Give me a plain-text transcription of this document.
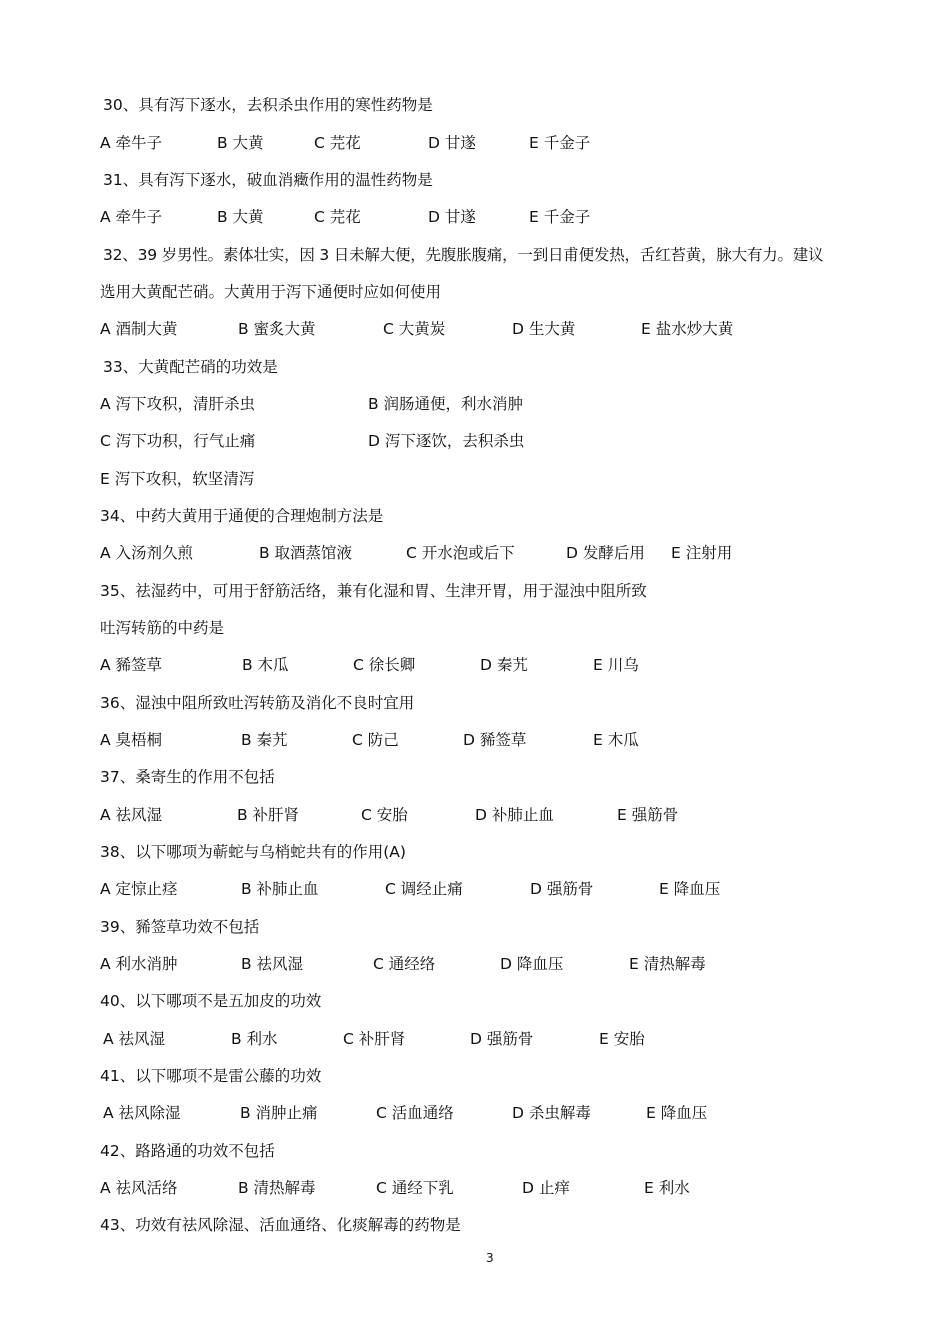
30、具有泻下逐水，去积杀虫作用的寒性药物是
A 牵牛子	B 大黄	C 芫花	D 甘遂	E 千金子
31、具有泻下逐水，破血消癥作用的温性药物是
A 牵牛子	B 大黄	C 芫花	D 甘遂	E 千金子
32、39 岁男性。素体壮实，因 3 日未解大便，先腹胀腹痛，一到日甫便发热，舌红苔黄，脉大有力。建议
选用大黄配芒硝。大黄用于泻下通便时应如何使用
A 酒制大黄	B 蜜炙大黄	C 大黄炭	D 生大黄	E 盐水炒大黄
33、大黄配芒硝的功效是
A 泻下攻积，清肝杀虫	B 润肠通便，利水消肿
C 泻下功积，行气止痛	D 泻下逐饮，去积杀虫
E 泻下攻积，软坚清泻
34、中药大黄用于通便的合理炮制方法是
A 入汤剂久煎	B 取酒蒸馆液	C 开水泡或后下	D 发酵后用 E 注射用
35、祛湿药中，可用于舒筋活络，兼有化湿和胃、生津开胃，用于湿浊中阻所致
吐泻转筋的中药是
A 豨签草	B 木瓜	C 徐长卿	D 秦艽	E 川乌
36、湿浊中阻所致吐泻转筋及消化不良时宜用
A 臭梧桐	B 秦艽	C 防己	D 豨签草	E 木瓜
37、桑寄生的作用不包括
A 祛风湿	B 补肝肾	C 安胎	D 补肺止血	E 强筋骨
38、以下哪项为蕲蛇与乌梢蛇共有的作用(A)
A 定惊止痉	B 补肺止血	C 调经止痛	D 强筋骨	E 降血压
39、豨签草功效不包括
A 利水消肿	B 祛风湿	C 通经络	D 降血压	E 清热解毒
40、以下哪项不是五加皮的功效
A 祛风湿	B 利水	C 补肝肾	D 强筋骨	E 安胎
41、以下哪项不是雷公藤的功效
A 祛风除湿	B 消肿止痛	C 活血通络	D 杀虫解毒	E 降血压
42、路路通的功效不包括
A 祛风活络	B 清热解毒	C 通经下乳	D 止痒	E 利水
43、功效有祛风除湿、活血通络、化痰解毒的药物是
3
